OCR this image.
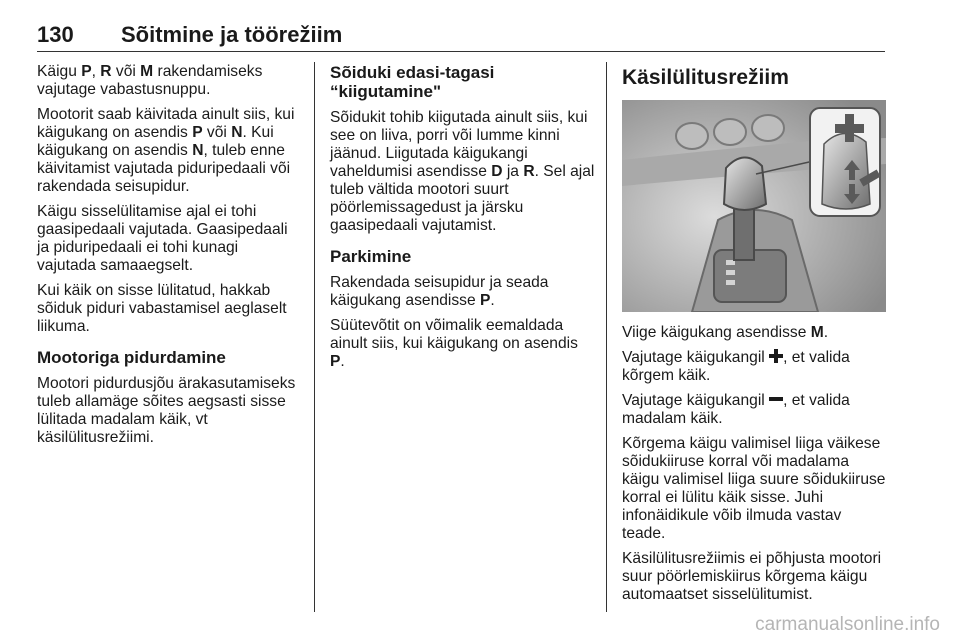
130 Sõitmine ja töörežiim

Käigu P, R või M rakendamiseks vajutage vabastusnuppu.

Mootorit saab käivitada ainult siis, kui käigukang on asendis P või N. Kui käigukang on asendis N, tuleb enne käivitamist vajutada piduripedaali või rakendada seisupidur.

Käigu sisselülitamise ajal ei tohi gaasipedaali vajutada. Gaasipedaali ja piduripedaali ei tohi kunagi vajutada samaaegselt.

Kui käik on sisse lülitatud, hakkab sõiduk piduri vabastamisel aeglaselt liikuma.

Mootoriga pidurdamine

Mootori pidurdusjõu ärakasutamiseks tuleb allamäge sõites aegsasti sisse lülitada madalam käik, vt käsilülitusrežiimi.

Sõiduki edasi-tagasi “kiigutamine"

Sõidukit tohib kiigutada ainult siis, kui see on liiva, porri või lumme kinni jäänud. Liigutada käigukangi vaheldumisi asendisse D ja R. Sel ajal tuleb vältida mootori suurt pöörlemissagedust ja järsku gaasipedaali vajutamist.

Parkimine

Rakendada seisupidur ja seada käigukang asendisse P.

Süütevõtit on võimalik eemaldada ainult siis, kui käigukang on asendis P.

Käsilülitusrežiim

Viige käigukang asendisse M.

Vajutage käigukangil , et valida kõrgem käik.

Vajutage käigukangil , et valida madalam käik.

Kõrgema käigu valimisel liiga väikese sõidukiiruse korral või madalama käigu valimisel liiga suure sõidukiiruse korral ei lülitu käik sisse. Juhi infonäidikule võib ilmuda vastav teade.

Käsilülitusrežiimis ei põhjusta mootori suur pöörlemiskiirus kõrgema käigu automaatset sisselülitumist.

carmanualsonline.info
